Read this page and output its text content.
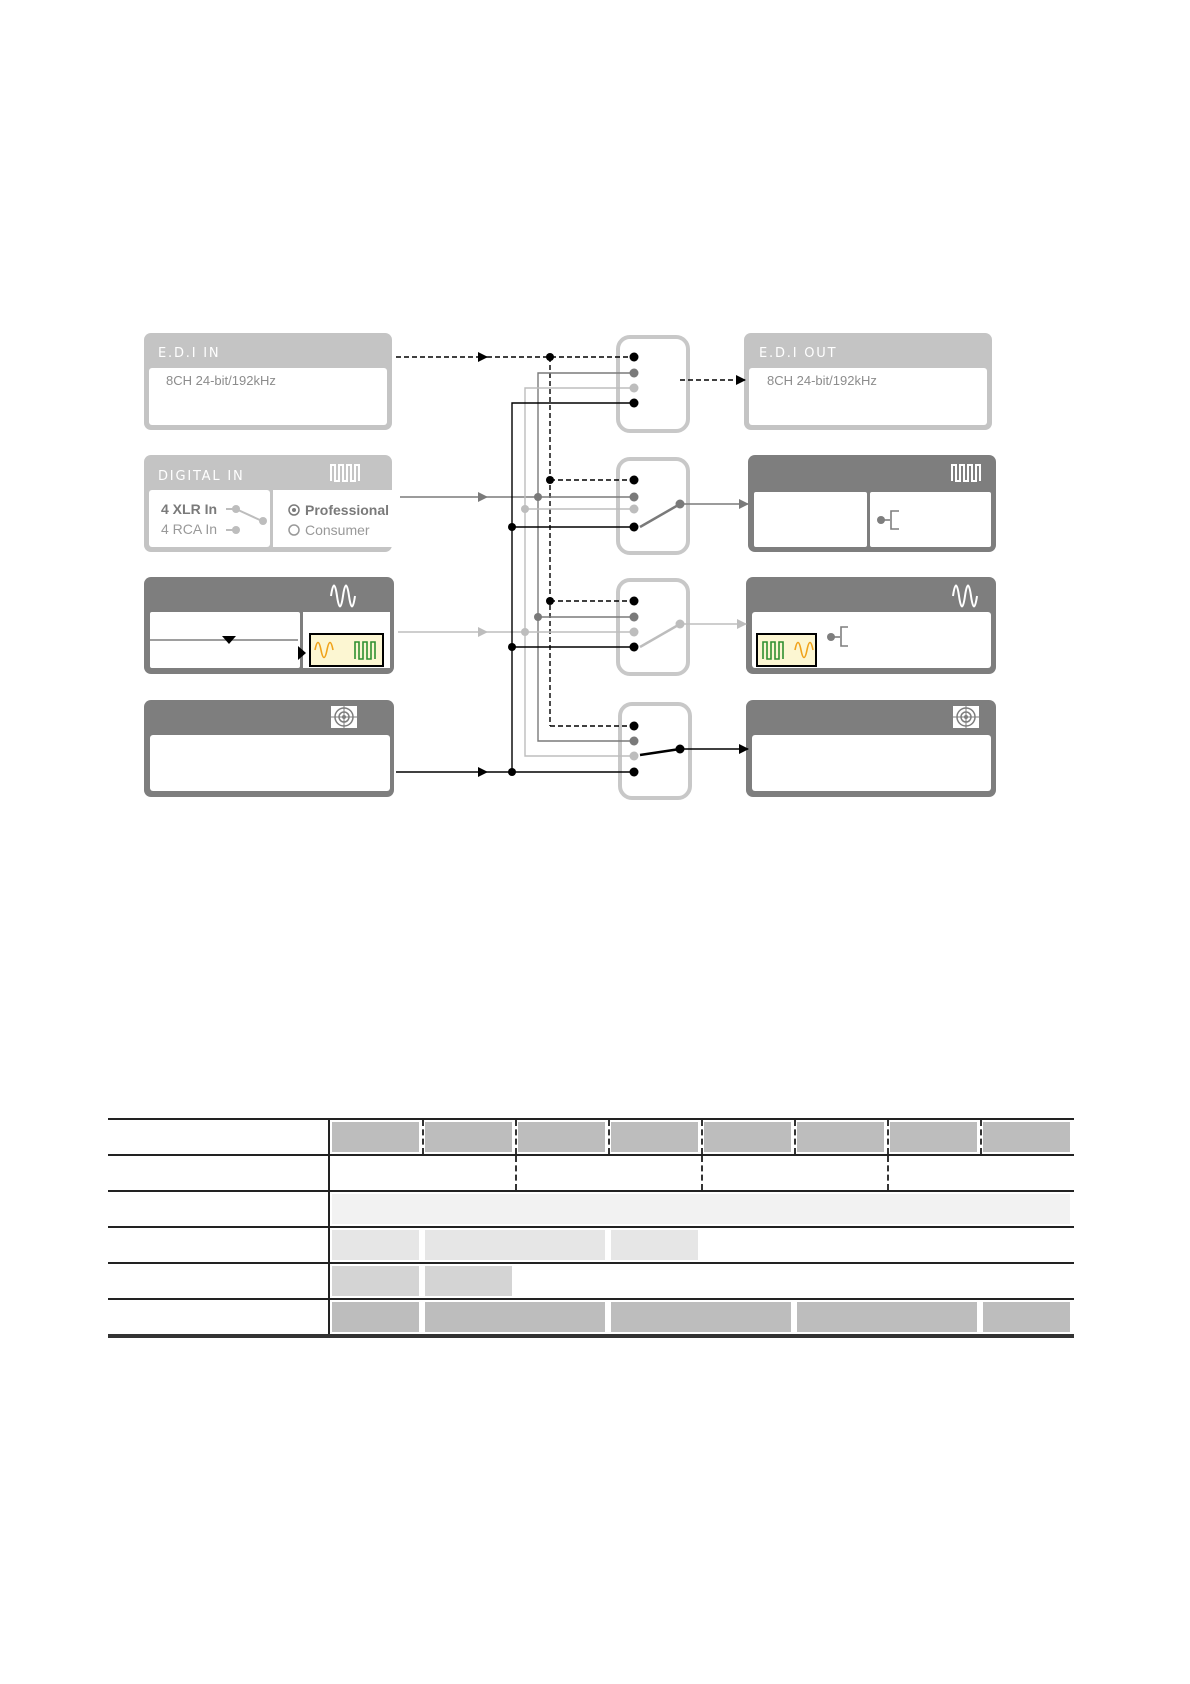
E.D.I IN
8CH 24-bit/192kHz
DIGITAL IN
4 XLR In
4 RCA In
Professional
Consumer
E.D.I OUT
8CH 24-bit/192kHz
